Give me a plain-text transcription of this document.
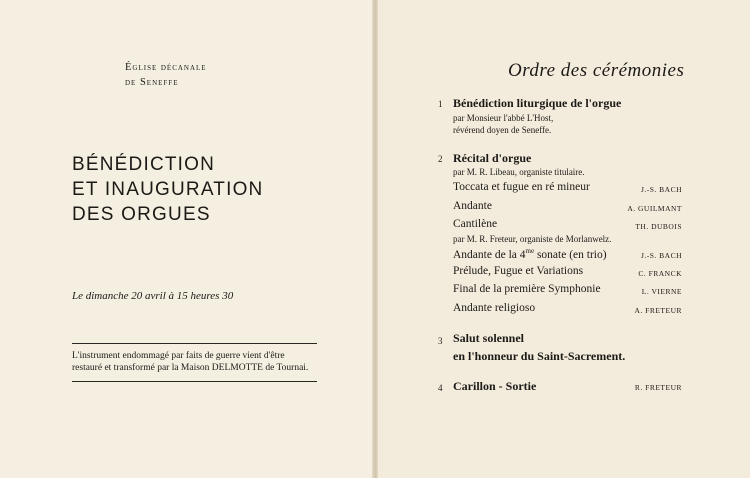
Église décanale
de Seneffe
BÉNÉDICTION
ET INAUGURATION
DES ORGUES
Le dimanche 20 avril à 15 heures 30
L'instrument endommagé par faits de guerre vient d'être restauré et transformé par la Maison DELMOTTE de Tournai.
Ordre des cérémonies
1 Bénédiction liturgique de l'orgue
par Monsieur l'abbé L'Host,
révérend doyen de Seneffe.
2 Récital d'orgue
par M. R. Libeau, organiste titulaire.
Toccata et fugue en ré mineur	J.-S. BACH
Andante	A. GUILMANT
Cantilène	TH. DUBOIS
par M. R. Freteur, organiste de Morlanwelz.
Andante de la $4^{me}$ sonate (en trio)	J.-S. BACH
Prélude, Fugue et Variations	C. FRANCK
Final de la première Symphonie	L. VIERNE
Andante religioso	A. FRETEUR
3 Salut solennel
en l'honneur du Saint-Sacrement.
4 Carillon - Sortie	R. FRETEUR
